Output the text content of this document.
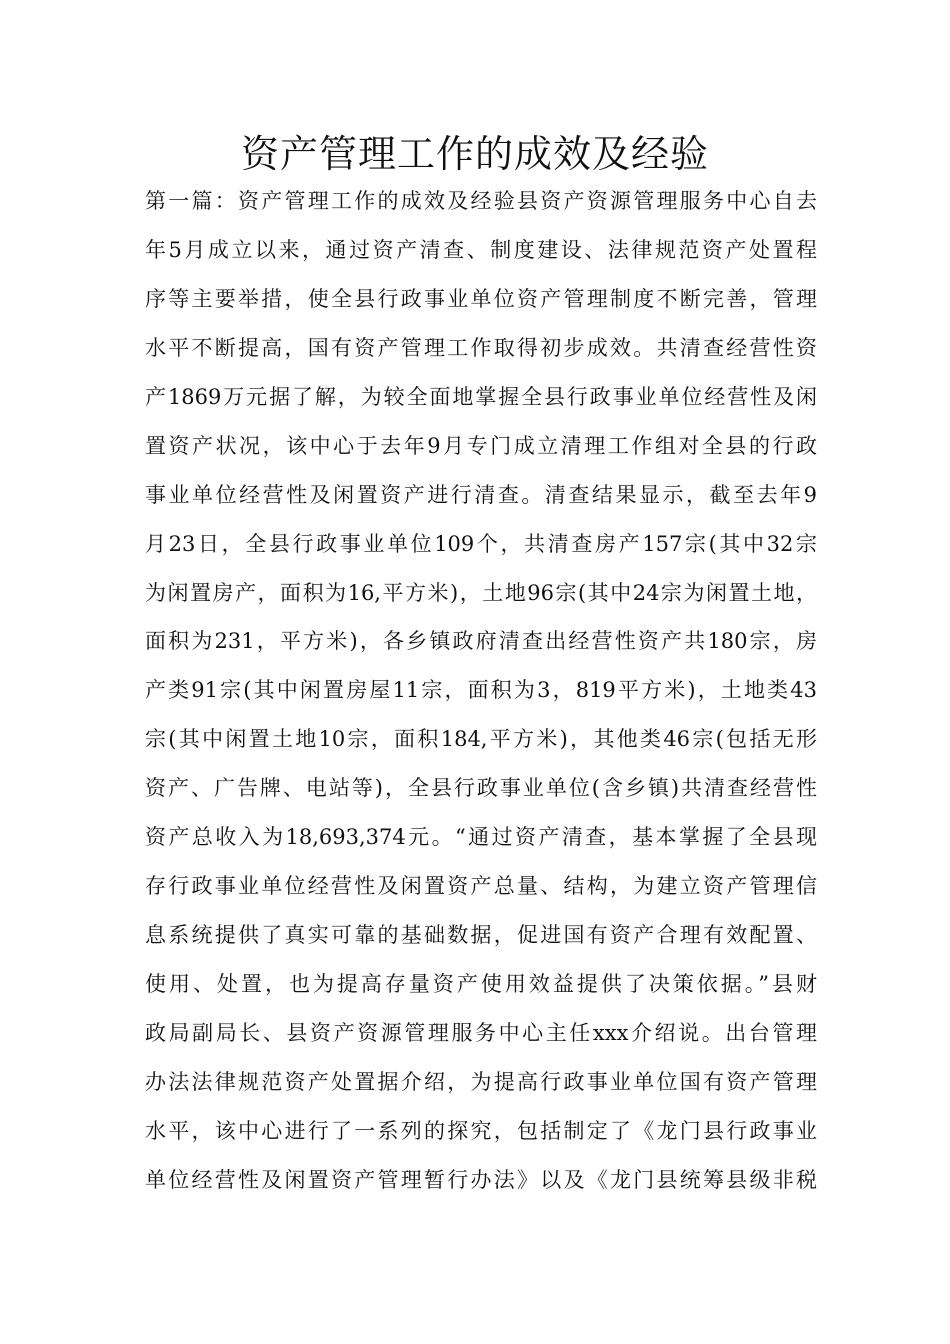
资产管理工作的成效及经验
第一篇：资产管理工作的成效及经验县资产资源管理服务中心自去
年5月成立以来，通过资产清查、制度建设、法律规范资产处置程
序等主要举措，使全县行政事业单位资产管理制度不断完善，管理
水平不断提高，国有资产管理工作取得初步成效。共清查经营性资
产1869万元据了解，为较全面地掌握全县行政事业单位经营性及闲
置资产状况，该中心于去年9月专门成立清理工作组对全县的行政
事业单位经营性及闲置资产进行清查。清查结果显示，截至去年9
月23日，全县行政事业单位109个，共清查房产157宗(其中32宗
为闲置房产，面积为16,平方米)，土地96宗(其中24宗为闲置土地，
面积为231，平方米)，各乡镇政府清查出经营性资产共180宗，房
产类91宗(其中闲置房屋11宗，面积为3，819平方米)，土地类43
宗(其中闲置土地10宗，面积184,平方米)，其他类46宗(包括无形
资产、广告牌、电站等)，全县行政事业单位(含乡镇)共清查经营性
资产总收入为18,693,374元。“通过资产清查，基本掌握了全县现
存行政事业单位经营性及闲置资产总量、结构，为建立资产管理信
息系统提供了真实可靠的基础数据，促进国有资产合理有效配置、
使用、处置，也为提高存量资产使用效益提供了决策依据。”县财
政局副局长、县资产资源管理服务中心主任xxx介绍说。出台管理
办法法律规范资产处置据介绍，为提高行政事业单位国有资产管理
水平，该中心进行了一系列的探究，包括制定了《龙门县行政事业
单位经营性及闲置资产管理暂行办法》以及《龙门县统筹县级非税
